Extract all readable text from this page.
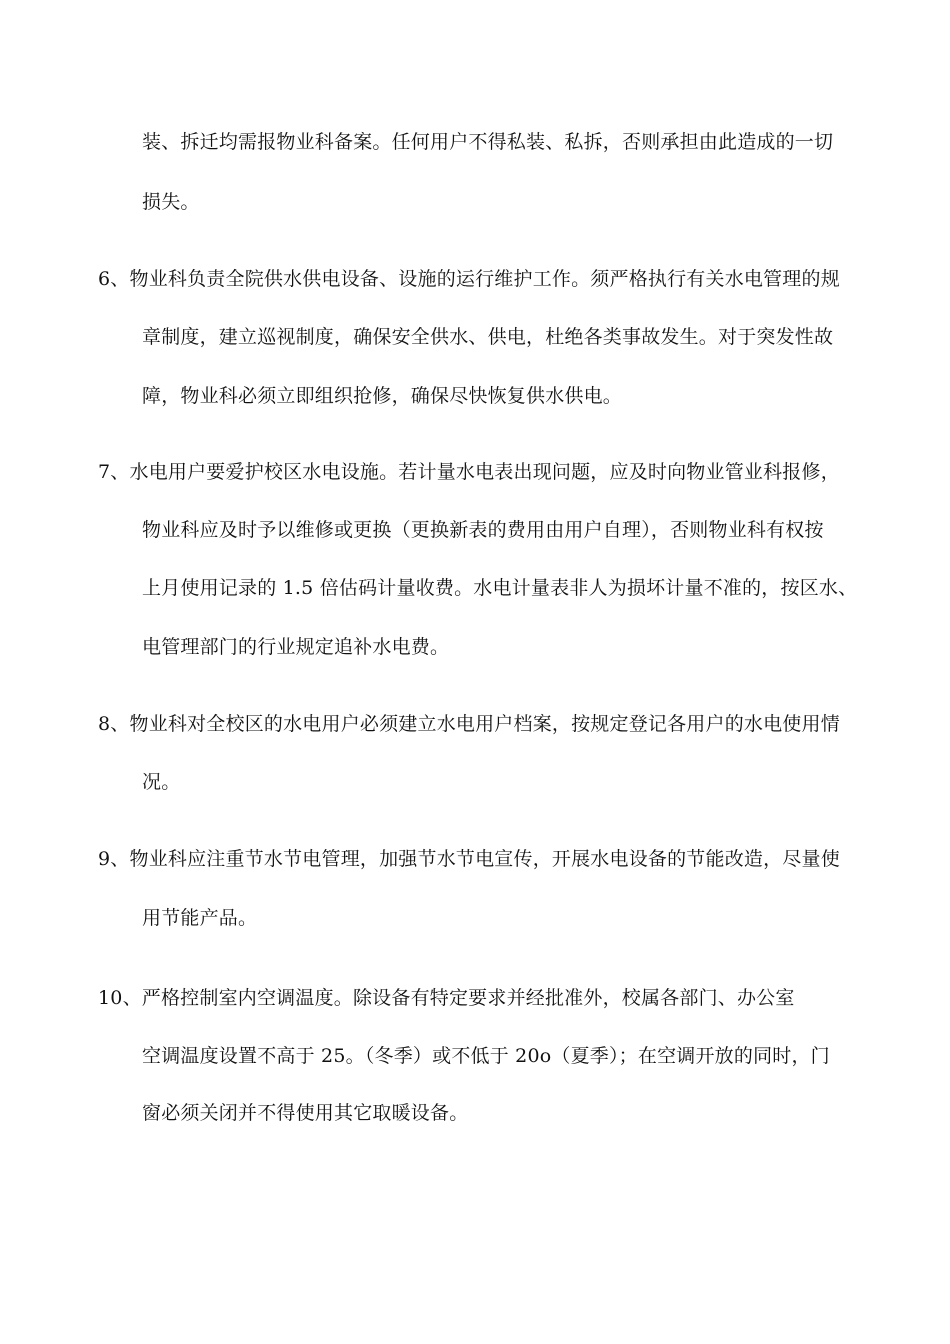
装、拆迁均需报物业科备案。任何用户不得私装、私拆，否则承担由此造成的一切
损失。
6、物业科负责全院供水供电设备、设施的运行维护工作。须严格执行有关水电管理的规
章制度，建立巡视制度，确保安全供水、供电，杜绝各类事故发生。对于突发性故
障，物业科必须立即组织抢修，确保尽快恢复供水供电。
7、水电用户要爱护校区水电设施。若计量水电表出现问题，应及时向物业管业科报修，
物业科应及时予以维修或更换（更换新表的费用由用户自理），否则物业科有权按
上月使用记录的 1.5 倍估码计量收费。水电计量表非人为损坏计量不准的，按区水、
电管理部门的行业规定追补水电费。
8、物业科对全校区的水电用户必须建立水电用户档案，按规定登记各用户的水电使用情
况。
9、物业科应注重节水节电管理，加强节水节电宣传，开展水电设备的节能改造，尽量使
用节能产品。
10、严格控制室内空调温度。除设备有特定要求并经批准外，校属各部门、办公室
空调温度设置不高于 25。（冬季）或不低于 20o（夏季）；在空调开放的同时，门
窗必须关闭并不得使用其它取暖设备。
